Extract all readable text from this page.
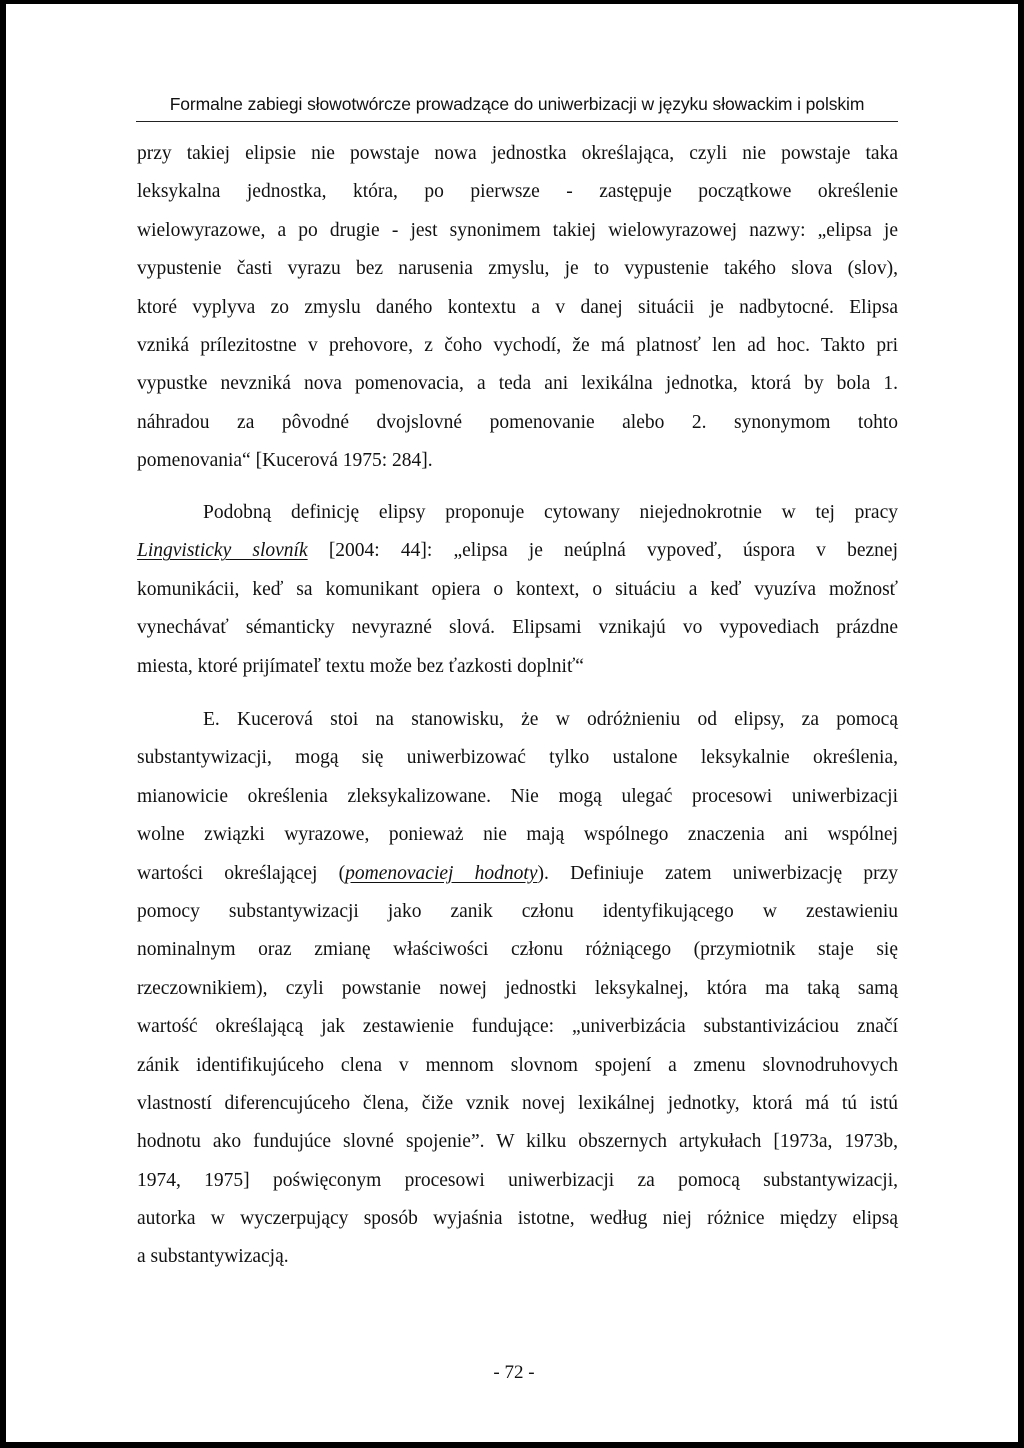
Formalne zabiegi słowotwórcze prowadzące do uniwerbizacji w języku słowackim i polskim
przy takiej elipsie nie powstaje nowa jednostka określająca, czyli nie powstaje taka
leksykalna jednostka, która, po pierwsze - zastępuje początkowe określenie
wielowyrazowe, a po drugie - jest synonimem takiej wielowyrazowej nazwy: „elipsa je
vypustenie časti vyrazu bez narusenia zmyslu, je to vypustenie takého slova (slov),
ktoré vyplyva zo zmyslu daného kontextu a v danej situácii je nadbytocné. Elipsa
vzniká prílezitostne v prehovore, z čoho vychodí, že má platnosť len ad hoc. Takto pri
vypustke nevzniká nova pomenovacia, a teda ani lexikálna jednotka, ktorá by bola 1.
náhradou za pôvodné dvojslovné pomenovanie alebo 2. synonymom tohto
pomenovania“ [Kucerová 1975: 284].
Podobną definicję elipsy proponuje cytowany niejednokrotnie w tej pracy
Lingvisticky slovník [2004: 44]: „elipsa je neúplná vypoveď, úspora v beznej
komunikácii, keď sa komunikant opiera o kontext, o situáciu a keď vyuzíva možnosť
vynechávať sémanticky nevyrazné slová. Elipsami vznikajú vo vypovediach prázdne
miesta, ktoré prijímateľ textu može bez ťazkosti doplniť“
E. Kucerová stoi na stanowisku, że w odróżnieniu od elipsy, za pomocą
substantywizacji, mogą się uniwerbizować tylko ustalone leksykalnie określenia,
mianowicie określenia zleksykalizowane. Nie mogą ulegać procesowi uniwerbizacji
wolne związki wyrazowe, ponieważ nie mają wspólnego znaczenia ani wspólnej
wartości określającej (pomenovaciej hodnoty). Definiuje zatem uniwerbizację przy
pomocy substantywizacji jako zanik członu identyfikującego w zestawieniu
nominalnym oraz zmianę właściwości członu różniącego (przymiotnik staje się
rzeczownikiem), czyli powstanie nowej jednostki leksykalnej, która ma taką samą
wartość określającą jak zestawienie fundujące: „univerbizácia substantivizáciou značí
zánik identifikujúceho clena v mennom slovnom spojení a zmenu slovnodruhovych
vlastností diferencujúceho člena, čiže vznik novej lexikálnej jednotky, ktorá má tú istú
hodnotu ako fundujúce slovné spojenie”. W kilku obszernych artykułach [1973a, 1973b,
1974, 1975] poświęconym procesowi uniwerbizacji za pomocą substantywizacji,
autorka w wyczerpujący sposób wyjaśnia istotne, według niej różnice między elipsą
a substantywizacją.
- 72 -
